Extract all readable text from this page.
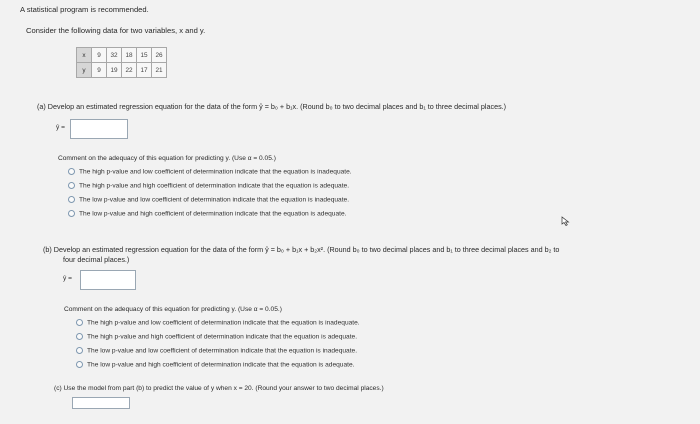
A statistical program is recommended.
Consider the following data for two variables, x and y.
x	9	32	18	15	26
y	9	19	22	17	21
(a) Develop an estimated regression equation for the data of the form ŷ = b₀ + b₁x. (Round b₀ to two decimal places and b₁ to three decimal places.)
ŷ =
Comment on the adequacy of this equation for predicting y. (Use α = 0.05.)
The high p-value and low coefficient of determination indicate that the equation is inadequate.
The high p-value and high coefficient of determination indicate that the equation is adequate.
The low p-value and low coefficient of determination indicate that the equation is inadequate.
The low p-value and high coefficient of determination indicate that the equation is adequate.
(b) Develop an estimated regression equation for the data of the form ŷ = b₀ + b₁x + b₂x². (Round b₀ to two decimal places and b₁ to three decimal places and b₂ to
four decimal places.)
ŷ =
Comment on the adequacy of this equation for predicting y. (Use α = 0.05.)
The high p-value and low coefficient of determination indicate that the equation is inadequate.
The high p-value and high coefficient of determination indicate that the equation is adequate.
The low p-value and low coefficient of determination indicate that the equation is inadequate.
The low p-value and high coefficient of determination indicate that the equation is adequate.
(c) Use the model from part (b) to predict the value of y when x = 20. (Round your answer to two decimal places.)
